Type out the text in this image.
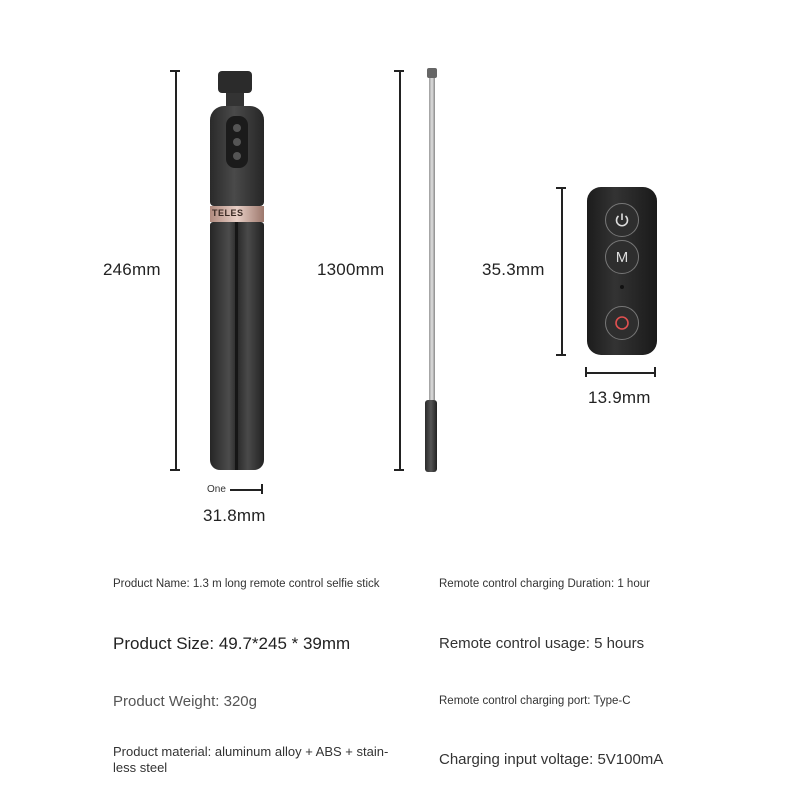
246mm
TELES
One
31.8mm
1300mm	35.3mm
M
13.9mm
Product Name: 1.3 m long remote control selfie stick	Remote control charging Duration: 1 hour
Product Size: 49.7*245 * 39mm	Remote control usage: 5 hours
Product Weight: 320g	Remote control charging port: Type-C
Product material: aluminum alloy + ABS + stain-
less steel	Charging input voltage: 5V100mA
